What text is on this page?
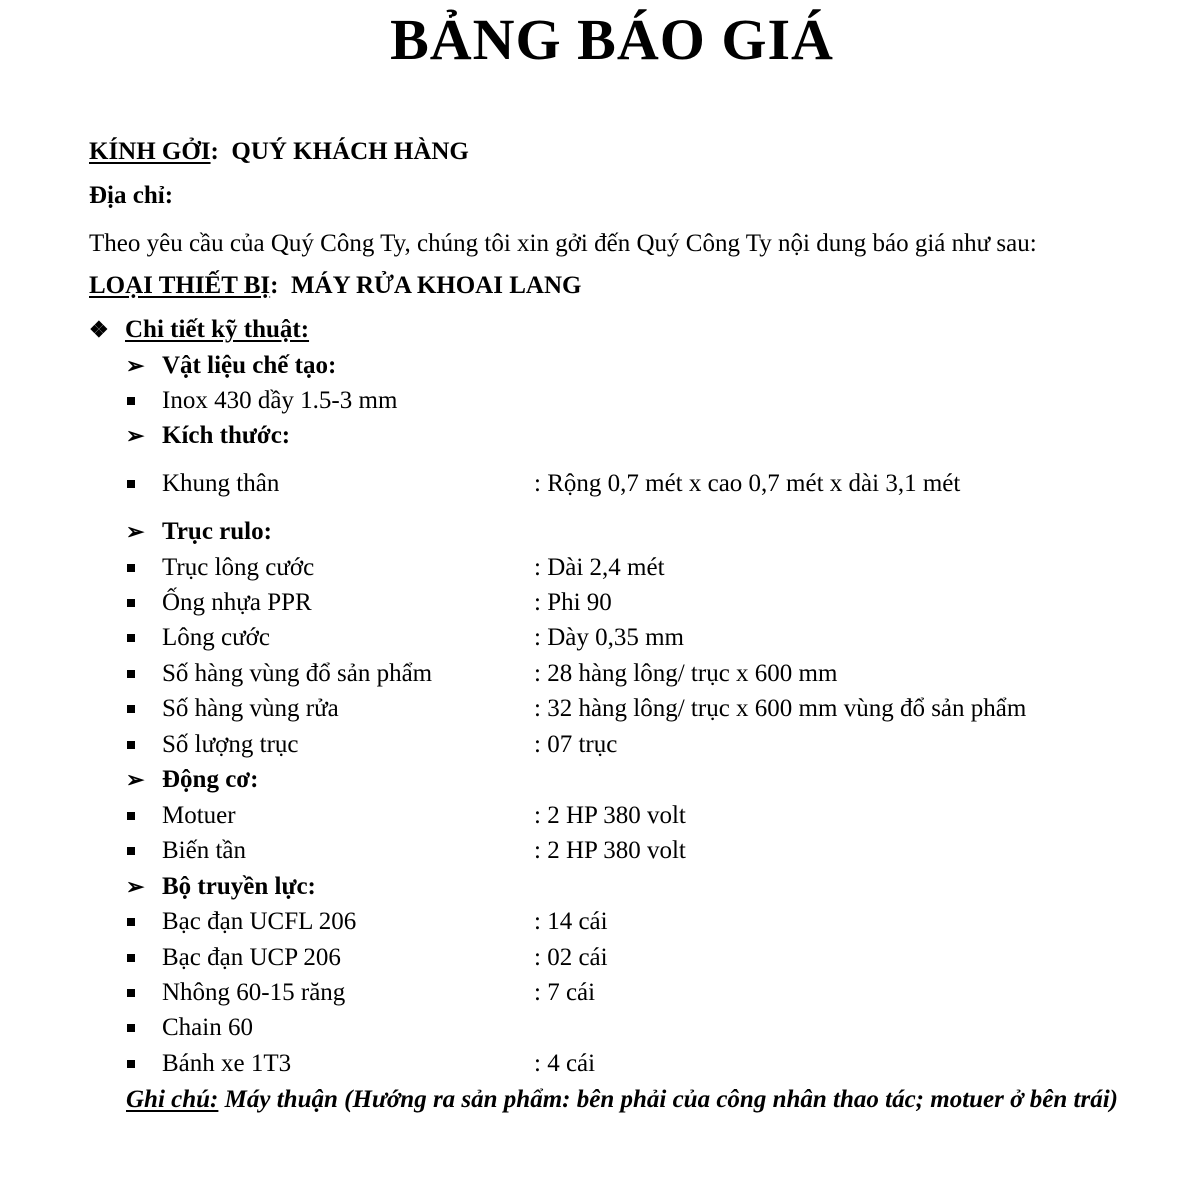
BẢNG BÁO GIÁ
KÍNH GỞI: QUÝ KHÁCH HÀNG
Địa chỉ:
Theo yêu cầu của Quý Công Ty, chúng tôi xin gởi đến Quý Công Ty nội dung báo giá như sau:
LOẠI THIẾT BỊ: MÁY RỬA KHOAI LANG
❖ Chi tiết kỹ thuật:
➢ Vật liệu chế tạo:
Inox 430 dầy 1.5-3 mm
➢ Kích thước:
Khung thân	: Rộng 0,7 mét x cao 0,7 mét x dài 3,1 mét
➢ Trục rulo:
Trục lông cước	: Dài 2,4 mét
Ống nhựa PPR	: Phi 90
Lông cước	: Dày 0,35 mm
Số hàng vùng đổ sản phẩm	: 28 hàng lông/ trục x 600 mm
Số hàng vùng rửa	: 32 hàng lông/ trục x 600 mm vùng đổ sản phẩm
Số lượng trục	: 07 trục
➢ Động cơ:
Motuer	: 2 HP 380 volt
Biến tần	: 2 HP 380 volt
➢ Bộ truyền lực:
Bạc đạn UCFL 206	: 14 cái
Bạc đạn UCP 206	: 02 cái
Nhông 60-15 răng	: 7 cái
Chain 60
Bánh xe 1T3	: 4 cái
Ghi chú: Máy thuận (Hướng ra sản phẩm: bên phải của công nhân thao tác; motuer ở bên trái)
